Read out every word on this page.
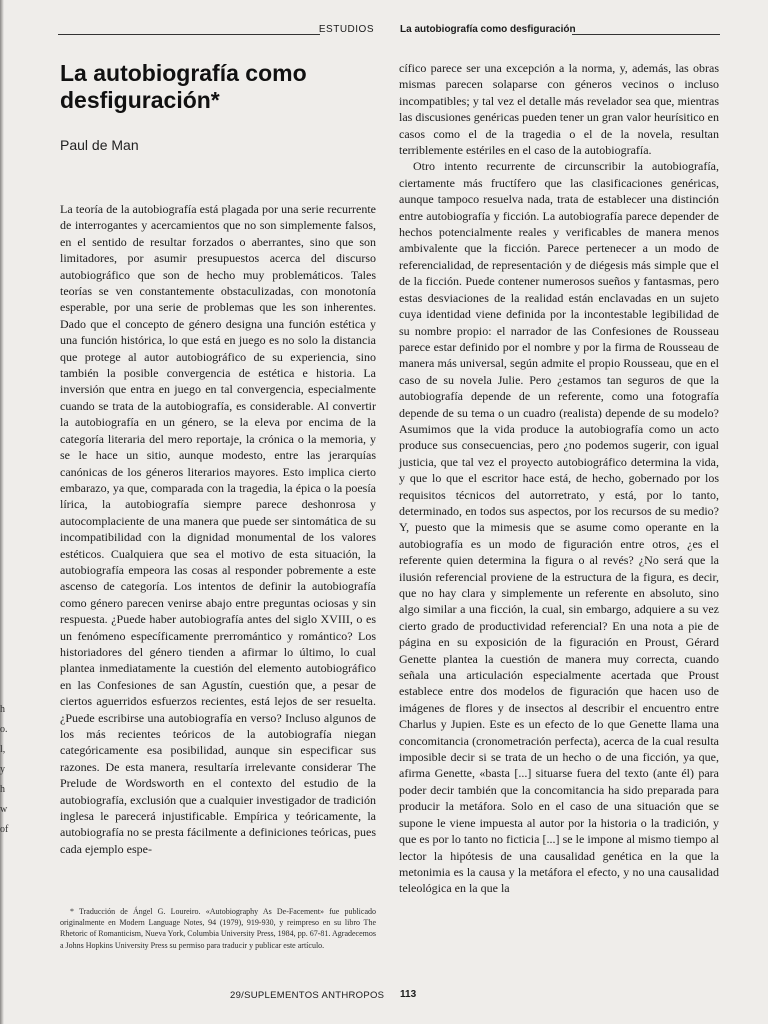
ESTUDIOS	La autobiografía como desfiguración
La autobiografía como desfiguración*
Paul de Man

La teoría de la autobiografía está plagada por una serie recurrente de interrogantes y acercamientos que no son simplemente falsos, en el sentido de resultar forzados o aberrantes, sino que son limitadores, por asumir presupuestos acerca del discurso autobiográfico que son de hecho muy problemáticos. Tales teorías se ven constantemente obstaculizadas, con monotonía esperable, por una serie de problemas que les son inherentes. Dado que el concepto de género designa una función estética y una función histórica, lo que está en juego es no solo la distancia que protege al autor autobiográfico de su experiencia, sino también la posible convergencia de estética e historia. La inversión que entra en juego en tal convergencia, especialmente cuando se trata de la autobiografía, es considerable. Al convertir la autobiografía en un género, se la eleva por encima de la categoría literaria del mero reportaje, la crónica o la memoria, y se le hace un sitio, aunque modesto, entre las jerarquías canónicas de los géneros literarios mayores. Esto implica cierto embarazo, ya que, comparada con la tragedia, la épica o la poesía lírica, la autobiografía siempre parece deshonrosa y autocomplaciente de una manera que puede ser sintomática de su incompatibilidad con la dignidad monumental de los valores estéticos. Cualquiera que sea el motivo de esta situación, la autobiografía empeora las cosas al responder pobremente a este ascenso de categoría. Los intentos de definir la autobiografía como género parecen venirse abajo entre preguntas ociosas y sin respuesta. ¿Puede haber autobiografía antes del siglo XVIII, o es un fenómeno específicamente prerromántico y romántico? Los historiadores del género tienden a afirmar lo último, lo cual plantea inmediatamente la cuestión del elemento autobiográfico en las Confesiones de san Agustín, cuestión que, a pesar de ciertos aguerridos esfuerzos recientes, está lejos de ser resuelta. ¿Puede escribirse una autobiografía en verso? Incluso algunos de los más recientes teóricos de la autobiografía niegan categóricamente esa posibilidad, aunque sin especificar sus razones. De esta manera, resultaría irrelevante considerar The Prelude de Wordsworth en el contexto del estudio de la autobiografía, exclusión que a cualquier investigador de tradición inglesa le parecerá injustificable. Empírica y teóricamente, la autobiografía no se presta fácilmente a definiciones teóricas, pues cada ejemplo espe-

cífico parece ser una excepción a la norma, y, además, las obras mismas parecen solaparse con géneros vecinos o incluso incompatibles; y tal vez el detalle más revelador sea que, mientras las discusiones genéricas pueden tener un gran valor heurísitico en casos como el de la tragedia o el de la novela, resultan terriblemente estériles en el caso de la autobiografía.

Otro intento recurrente de circunscribir la autobiografía, ciertamente más fructífero que las clasificaciones genéricas, aunque tampoco resuelva nada, trata de establecer una distinción entre autobiografía y ficción. La autobiografía parece depender de hechos potencialmente reales y verificables de manera menos ambivalente que la ficción. Parece pertenecer a un modo de referencialidad, de representación y de diégesis más simple que el de la ficción. Puede contener numerosos sueños y fantasmas, pero estas desviaciones de la realidad están enclavadas en un sujeto cuya identidad viene definida por la incontestable legibilidad de su nombre propio: el narrador de las Confesiones de Rousseau parece estar definido por el nombre y por la firma de Rousseau de manera más universal, según admite el propio Rousseau, que en el caso de su novela Julie. Pero ¿estamos tan seguros de que la autobiografía depende de un referente, como una fotografía depende de su tema o un cuadro (realista) depende de su modelo? Asumimos que la vida produce la autobiografía como un acto produce sus consecuencias, pero ¿no podemos sugerir, con igual justicia, que tal vez el proyecto autobiográfico determina la vida, y que lo que el escritor hace está, de hecho, gobernado por los requisitos técnicos del autorretrato, y está, por lo tanto, determinado, en todos sus aspectos, por los recursos de su medio? Y, puesto que la mimesis que se asume como operante en la autobiografía es un modo de figuración entre otros, ¿es el referente quien determina la figura o al revés? ¿No será que la ilusión referencial proviene de la estructura de la figura, es decir, que no hay clara y simplemente un referente en absoluto, sino algo similar a una ficción, la cual, sin embargo, adquiere a su vez cierto grado de productividad referencial? En una nota a pie de página en su exposición de la figuración en Proust, Gérard Genette plantea la cuestión de manera muy correcta, cuando señala una articulación especialmente acertada que Proust establece entre dos modelos de figuración que hacen uso de imágenes de flores y de insectos al describir el encuentro entre Charlus y Jupien. Este es un efecto de lo que Genette llama una concomitancia (cronometración perfecta), acerca de la cual resulta imposible decir si se trata de un hecho o de una ficción, ya que, afirma Genette, «basta [...] situarse fuera del texto (ante él) para poder decir también que la concomitancia ha sido preparada para producir la metáfora. Solo en el caso de una situación que se supone le viene impuesta al autor por la historia o la tradición, y que es por lo tanto no ficticia [...] se le impone al mismo tiempo al lector la hipótesis de una causalidad genética en la que la metonimia es la causa y la metáfora el efecto, y no una causalidad teleológica en la que la

* Traducción de Ángel G. Loureiro. «Autobiography As De-Facement» fue publicado originalmente en Modern Language Notes, 94 (1979), 919-930, y reimpreso en su libro The Rhetoric of Romanticism, Nueva York, Columbia University Press, 1984, pp. 67-81. Agradecemos a Johns Hopkins University Press su permiso para traducir y publicar este artículo.
29/SUPLEMENTOS ANTHROPOS 113
h
o.
l,
y
h
w
of
